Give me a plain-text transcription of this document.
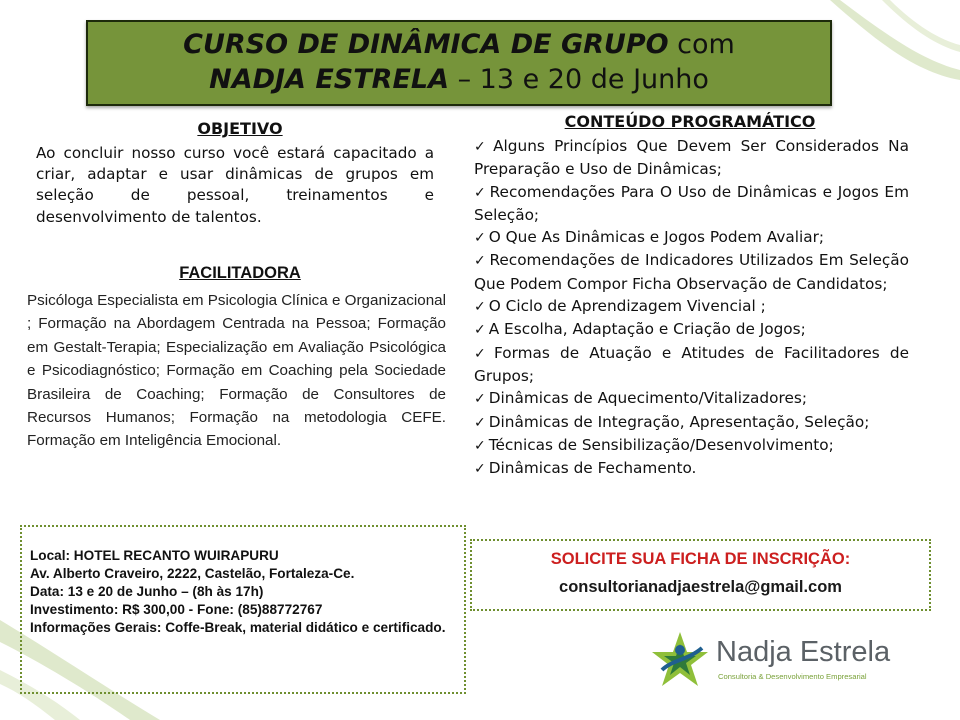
CURSO DE DINÂMICA DE GRUPO com
NADJA ESTRELA – 13 e 20 de Junho
OBJETIVO
Ao concluir nosso curso você estará capacitado a criar, adaptar e usar dinâmicas de grupos em seleção de pessoal, treinamentos e desenvolvimento de talentos.
FACILITADORA
Psicóloga Especialista em Psicologia Clínica e Organizacional ; Formação na Abordagem Centrada na Pessoa; Formação em Gestalt-Terapia; Especialização em Avaliação Psicológica e Psicodiagnóstico; Formação em Coaching pela Sociedade Brasileira de Coaching; Formação de Consultores de Recursos Humanos; Formação na metodologia CEFE. Formação em Inteligência Emocional.
CONTEÚDO PROGRAMÁTICO
✓ Alguns Princípios Que Devem Ser Considerados Na Preparação e Uso de Dinâmicas;
✓ Recomendações Para O Uso de Dinâmicas e Jogos Em Seleção;
✓ O Que As Dinâmicas e Jogos Podem Avaliar;
✓ Recomendações de Indicadores Utilizados Em Seleção Que Podem Compor Ficha Observação de Candidatos;
✓ O Ciclo de Aprendizagem Vivencial ;
✓ A Escolha, Adaptação e Criação de Jogos;
✓ Formas de Atuação e Atitudes de Facilitadores de Grupos;
✓ Dinâmicas de Aquecimento/Vitalizadores;
✓ Dinâmicas de Integração, Apresentação, Seleção;
✓ Técnicas de Sensibilização/Desenvolvimento;
✓ Dinâmicas de Fechamento.
Local: HOTEL RECANTO WUIRAPURU
Av. Alberto Craveiro, 2222, Castelão, Fortaleza-Ce.
Data: 13 e 20 de Junho – (8h às 17h)
Investimento: R$ 300,00 - Fone: (85)88772767
Informações Gerais: Coffe-Break, material didático e certificado.
SOLICITE SUA FICHA DE INSCRIÇÃO:
consultorianadjaestrela@gmail.com
Nadja Estrela
Consultoria & Desenvolvimento Empresarial
